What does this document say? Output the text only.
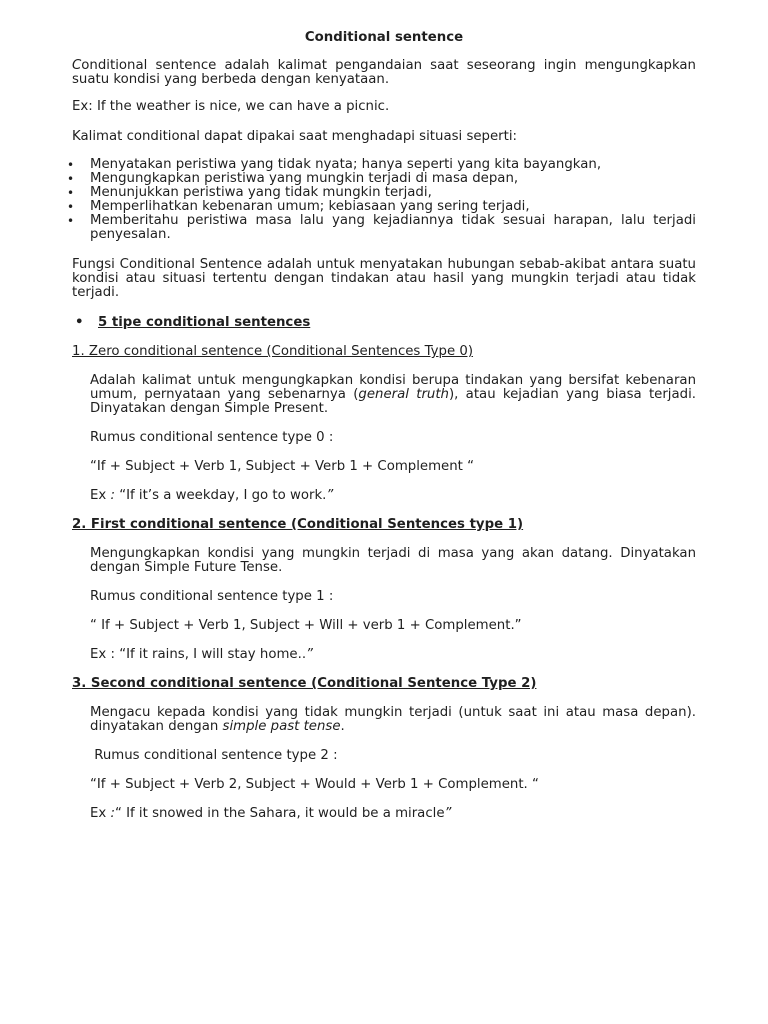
Conditional sentence

Conditional sentence adalah kalimat pengandaian saat seseorang ingin mengungkapkan suatu kondisi yang berbeda dengan kenyataan.

Ex: If the weather is nice, we can have a picnic.

Kalimat conditional dapat dipakai saat menghadapi situasi seperti:

• Menyatakan peristiwa yang tidak nyata; hanya seperti yang kita bayangkan,
• Mengungkapkan peristiwa yang mungkin terjadi di masa depan,
• Menunjukkan peristiwa yang tidak mungkin terjadi,
• Memperlihatkan kebenaran umum; kebiasaan yang sering terjadi,
• Memberitahu peristiwa masa lalu yang kejadiannya tidak sesuai harapan, lalu terjadi penyesalan.

Fungsi Conditional Sentence adalah untuk menyatakan hubungan sebab-akibat antara suatu kondisi atau situasi tertentu dengan tindakan atau hasil yang mungkin terjadi atau tidak terjadi.

• 5 tipe conditional sentences

1. Zero conditional sentence (Conditional Sentences Type 0)

Adalah kalimat untuk mengungkapkan kondisi berupa tindakan yang bersifat kebenaran umum, pernyataan yang sebenarnya (general truth), atau kejadian yang biasa terjadi. Dinyatakan dengan Simple Present.

Rumus conditional sentence type 0 :

“If + Subject + Verb 1, Subject + Verb 1 + Complement “

Ex : “If it’s a weekday, I go to work.”

2. First conditional sentence (Conditional Sentences type 1)

Mengungkapkan kondisi yang mungkin terjadi di masa yang akan datang. Dinyatakan dengan Simple Future Tense.

Rumus conditional sentence type 1 :

“ If + Subject + Verb 1, Subject + Will + verb 1 + Complement.”

Ex : “If it rains, I will stay home..”

3. Second conditional sentence (Conditional Sentence Type 2)

Mengacu kepada kondisi yang tidak mungkin terjadi (untuk saat ini atau masa depan). dinyatakan dengan simple past tense.

Rumus conditional sentence type 2 :

“If + Subject + Verb 2, Subject + Would + Verb 1 + Complement. “

Ex :“ If it snowed in the Sahara, it would be a miracle”
